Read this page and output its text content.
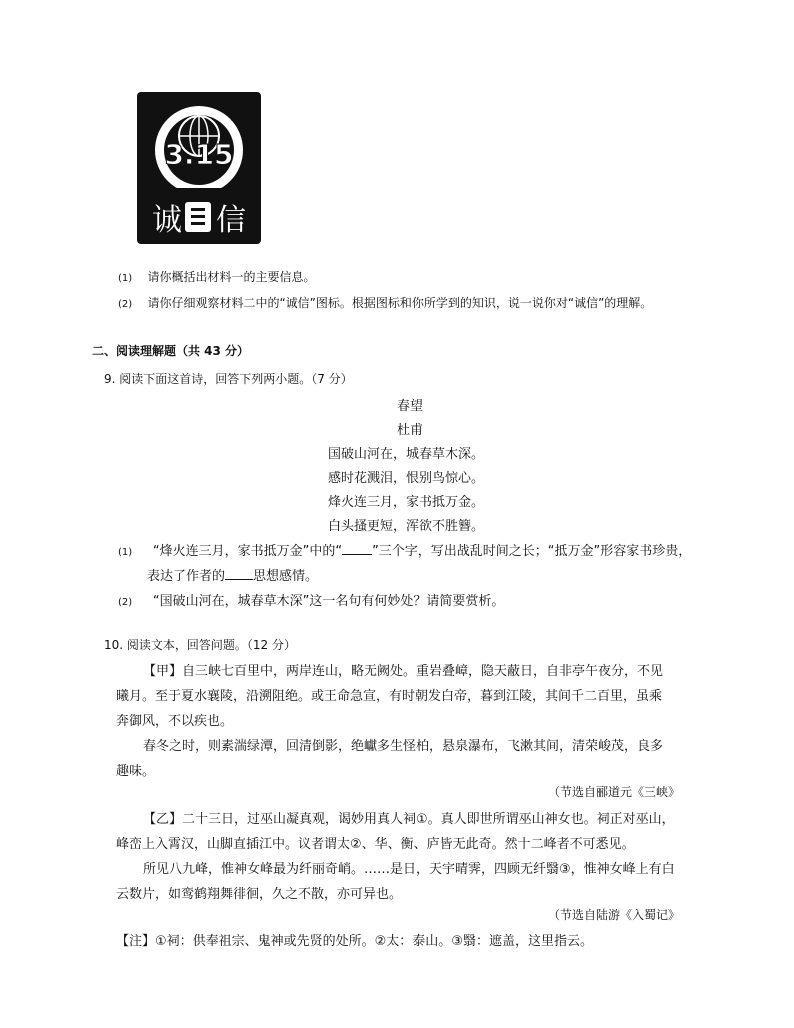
3.15
诚 信
(1) 请你概括出材料一的主要信息。
(2) 请你仔细观察材料二中的“诚信”图标。根据图标和你所学到的知识，说一说你对“诚信”的理解。
二、阅读理解题（共 43 分）
9. 阅读下面这首诗，回答下列两小题。（7 分）
春望
杜甫
国破山河在，城春草木深。
感时花溅泪，恨别鸟惊心。
烽火连三月，家书抵万金。
白头搔更短，浑欲不胜簪。
(1) “烽火连三月，家书抵万金”中的“ ”三个字，写出战乱时间之长；“抵万金”形容家书珍贵，
表达了作者的 思想感情。
(2) “国破山河在，城春草木深”这一名句有何妙处？请简要赏析。
10. 阅读文本，回答问题。（12 分）
【甲】自三峡七百里中，两岸连山，略无阙处。重岩叠嶂，隐天蔽日，自非亭午夜分，不见
曦月。至于夏水襄陵，沿溯阻绝。或王命急宣，有时朝发白帝，暮到江陵，其间千二百里，虽乘
奔御风，不以疾也。
春冬之时，则素湍绿潭，回清倒影，绝巘多生怪柏，悬泉瀑布，飞漱其间，清荣峻茂，良多
趣味。
（节选自郦道元《三峡》
【乙】二十三日，过巫山凝真观，谒妙用真人祠①。真人即世所谓巫山神女也。祠正对巫山，
峰峦上入霄汉，山脚直插江中。议者谓太②、华、衡、庐皆无此奇。然十二峰者不可悉见。
所见八九峰，惟神女峰最为纤丽奇峭。……是日，天宇晴霁，四顾无纤翳③，惟神女峰上有白
云数片，如鸾鹤翔舞徘徊，久之不散，亦可异也。
（节选自陆游《入蜀记》
【注】①祠：供奉祖宗、鬼神或先贤的处所。②太：泰山。③翳：遮盖，这里指云。
